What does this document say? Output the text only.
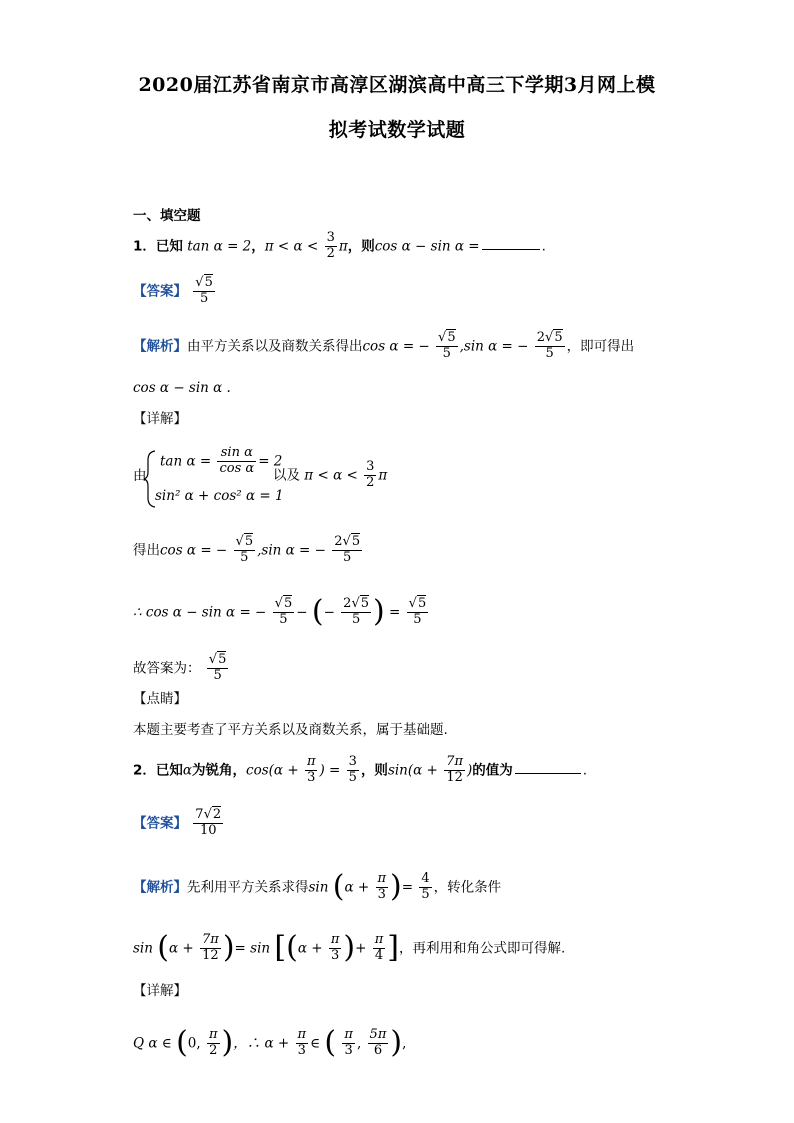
2020届江苏省南京市高淳区湖滨高中高三下学期3月网上模
拟考试数学试题
一、填空题
1．已知 tan α = 2，$\pi < \alpha < \frac{3}{2}$ π，则cos α − sin α =	.
【答案】 $\frac{√5}{5}$
【解析】由平方关系以及商数关系得出cos α = − $\frac{√5}{5} ,\sin$ α = − $\frac{2√5}{5}$ ，即可得出
cos α − sin α .
【详解】
由
$\tan \alpha = \frac{\text{sin α}}{\text{cos α}} = 2$
sin² α + cos² α = 1
以及 $\pi < \alpha < \frac{3}{2}$ π
得出cos α = − $\frac{√5}{5} ,\sin$ α = − $\frac{2√5}{5}$
∴ cos α − sin α = − $\frac{√5}{5}$ − (− $\frac{2√5}{5}$ ) = $\frac{√5}{5}$
故答案为： $\frac{√5}{5}$
【点睛】
本题主要考查了平方关系以及商数关系，属于基础题.
2．已知α为锐角，$\cos(\alpha + \frac{\pi}{3}$ ) = $\frac{3}{5}$ ，则$\sin(\alpha + \frac{7\pi}{12}$ )的值为	.
【答案】 $\frac{7√2}{10}$
【解析】先利用平方关系求得$\sin (\alpha + \frac{\pi}{3}$ )= $\frac{4}{5}$ ，转化条件
$\sin (\alpha + \frac{7\pi}{12}$ )= $\sin [(\alpha + \frac{\pi}{3}$ )+ $\frac{\pi}{4}$ ]，再利用和角公式即可得解.
【详解】
Q α ∈ (0, $\frac{\pi}{2}$ )，∴ $\alpha + \frac{\pi}{3}$ ∈ ( $\frac{\pi}{3}$ , $\frac{5\pi}{6}$ ),
